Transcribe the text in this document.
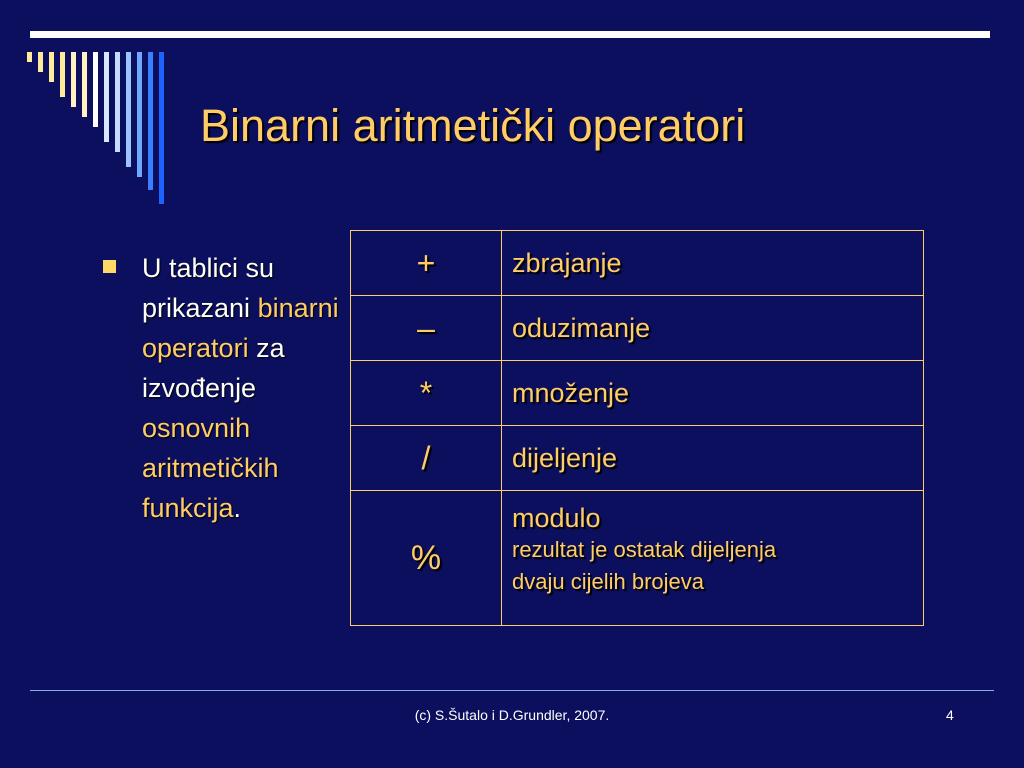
Binarni aritmetički operatori
U tablici su prikazani binarni operatori za izvođenje osnovnih aritmetičkih funkcija.
+	zbrajanje
–	oduzimanje
*	množenje
/	dijeljenje
%	modulo
rezultat je ostatak dijeljenja
dvaju cijelih brojeva
(c) S.Šutalo i D.Grundler, 2007.	4
